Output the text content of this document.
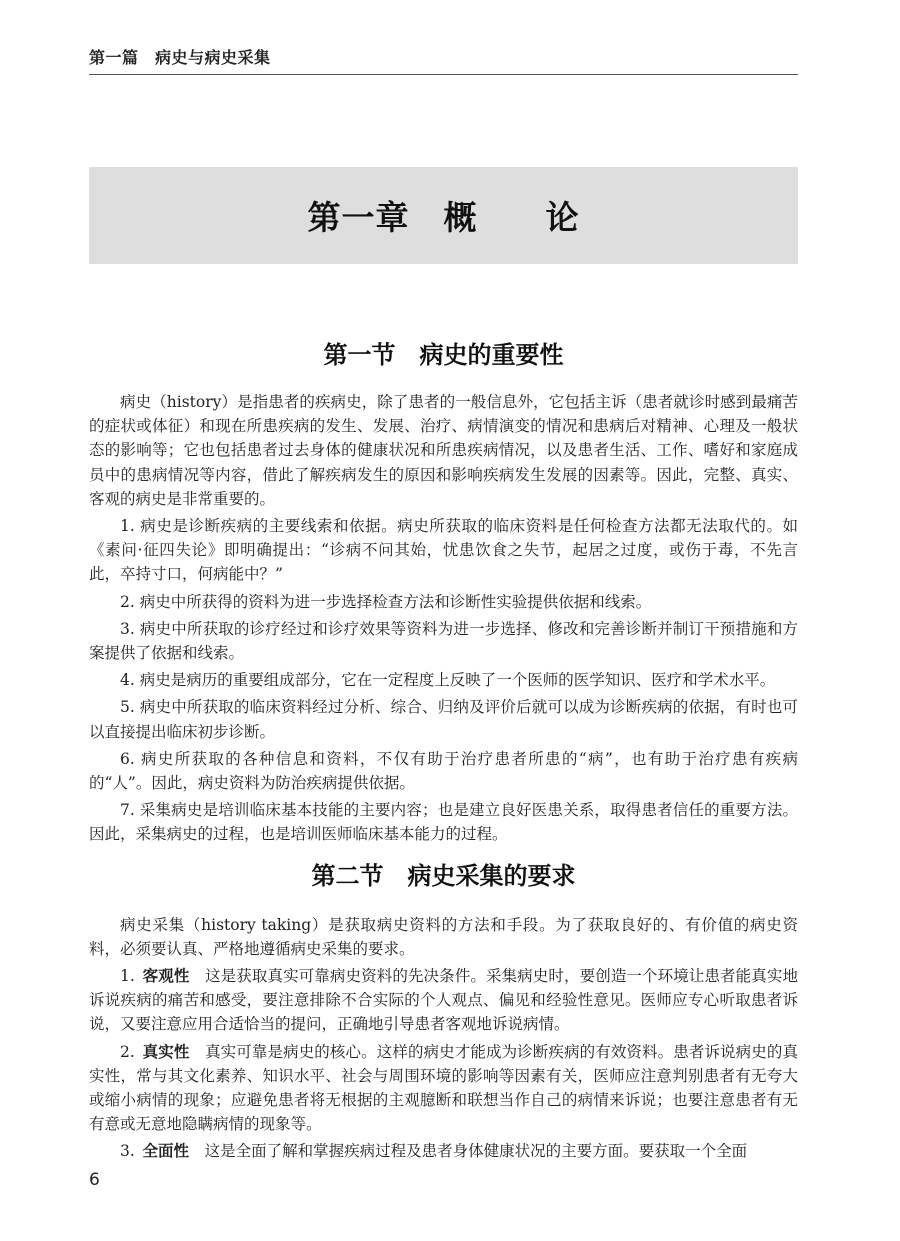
第一篇　病史与病史采集
第一章　概　　论
第一节　病史的重要性

病史（history）是指患者的疾病史，除了患者的一般信息外，它包括主诉（患者就诊时感到最痛苦的症状或体征）和现在所患疾病的发生、发展、治疗、病情演变的情况和患病后对精神、心理及一般状态的影响等；它也包括患者过去身体的健康状况和所患疾病情况，以及患者生活、工作、嗜好和家庭成员中的患病情况等内容，借此了解疾病发生的原因和影响疾病发生发展的因素等。因此，完整、真实、客观的病史是非常重要的。

1. 病史是诊断疾病的主要线索和依据。病史所获取的临床资料是任何检查方法都无法取代的。如《素问·征四失论》即明确提出：“诊病不问其始，忧患饮食之失节，起居之过度，或伤于毒，不先言此，卒持寸口，何病能中？”

2. 病史中所获得的资料为进一步选择检查方法和诊断性实验提供依据和线索。

3. 病史中所获取的诊疗经过和诊疗效果等资料为进一步选择、修改和完善诊断并制订干预措施和方案提供了依据和线索。

4. 病史是病历的重要组成部分，它在一定程度上反映了一个医师的医学知识、医疗和学术水平。

5. 病史中所获取的临床资料经过分析、综合、归纳及评价后就可以成为诊断疾病的依据，有时也可以直接提出临床初步诊断。

6. 病史所获取的各种信息和资料，不仅有助于治疗患者所患的“病”，也有助于治疗患有疾病的“人”。因此，病史资料为防治疾病提供依据。

7. 采集病史是培训临床基本技能的主要内容；也是建立良好医患关系，取得患者信任的重要方法。因此，采集病史的过程，也是培训医师临床基本能力的过程。

第二节　病史采集的要求

病史采集（history taking）是获取病史资料的方法和手段。为了获取良好的、有价值的病史资料，必须要认真、严格地遵循病史采集的要求。

1.  客观性  这是获取真实可靠病史资料的先决条件。采集病史时，要创造一个环境让患者能真实地诉说疾病的痛苦和感受，要注意排除不合实际的个人观点、偏见和经验性意见。医师应专心听取患者诉说，又要注意应用合适恰当的提问，正确地引导患者客观地诉说病情。

2.  真实性  真实可靠是病史的核心。这样的病史才能成为诊断疾病的有效资料。患者诉说病史的真实性，常与其文化素养、知识水平、社会与周围环境的影响等因素有关，医师应注意判别患者有无夸大或缩小病情的现象；应避免患者将无根据的主观臆断和联想当作自己的病情来诉说；也要注意患者有无有意或无意地隐瞒病情的现象等。

3.  全面性  这是全面了解和掌握疾病过程及患者身体健康状况的主要方面。要获取一个全面

6
